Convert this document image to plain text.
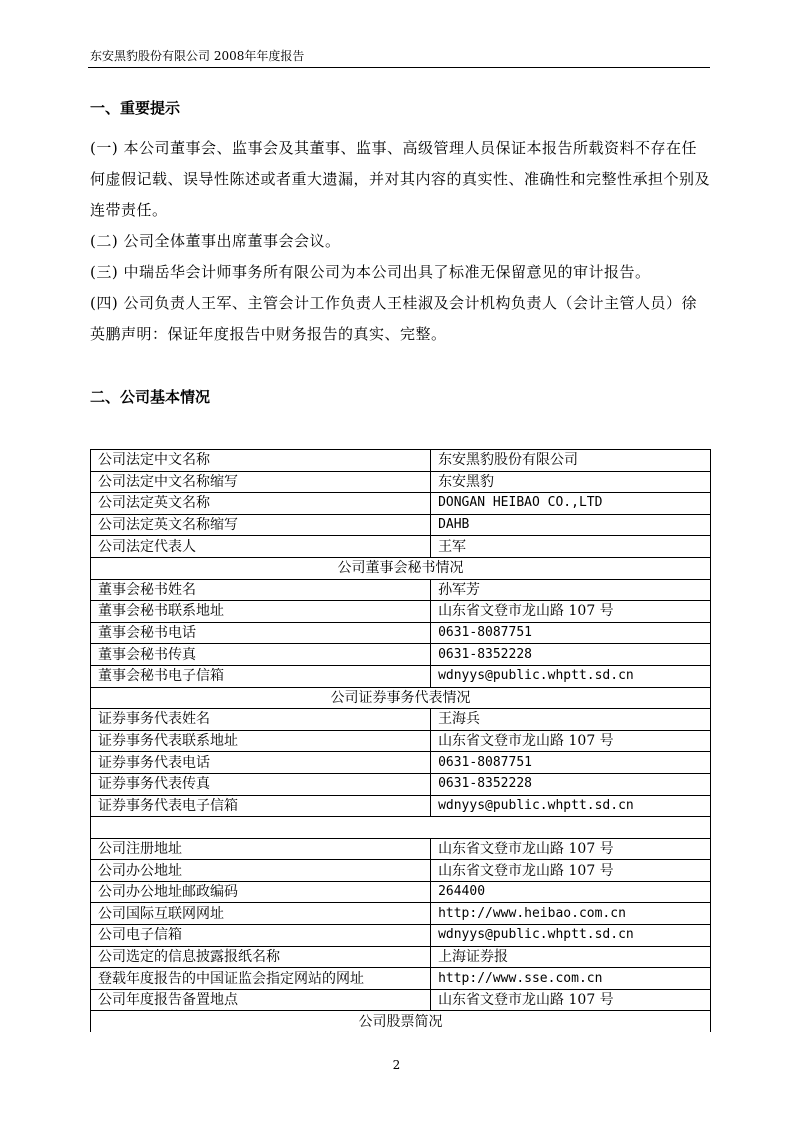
东安黑豹股份有限公司 2008年年度报告
一、重要提示

(一) 本公司董事会、监事会及其董事、监事、高级管理人员保证本报告所载资料不存在任何虚假记载、误导性陈述或者重大遗漏，并对其内容的真实性、准确性和完整性承担个别及连带责任。

(二) 公司全体董事出席董事会会议。

(三) 中瑞岳华会计师事务所有限公司为本公司出具了标准无保留意见的审计报告。

(四) 公司负责人王军、主管会计工作负责人王桂淑及会计机构负责人（会计主管人员）徐英鹏声明：保证年度报告中财务报告的真实、完整。

二、公司基本情况
公司法定中文名称	东安黑豹股份有限公司
公司法定中文名称缩写	东安黑豹
公司法定英文名称	DONGAN HEIBAO CO.,LTD
公司法定英文名称缩写	DAHB
公司法定代表人	王军
公司董事会秘书情况	
董事会秘书姓名	孙军芳
董事会秘书联系地址	山东省文登市龙山路 107 号
董事会秘书电话	0631-8087751
董事会秘书传真	0631-8352228
董事会秘书电子信箱	wdnyys@public.whptt.sd.cn
公司证券事务代表情况	
证券事务代表姓名	王海兵
证券事务代表联系地址	山东省文登市龙山路 107 号
证券事务代表电话	0631-8087751
证券事务代表传真	0631-8352228
证券事务代表电子信箱	wdnyys@public.whptt.sd.cn

公司注册地址	山东省文登市龙山路 107 号
公司办公地址	山东省文登市龙山路 107 号
公司办公地址邮政编码	264400
公司国际互联网网址	http://www.heibao.com.cn
公司电子信箱	wdnyys@public.whptt.sd.cn
公司选定的信息披露报纸名称	上海证券报
登载年度报告的中国证监会指定网站的网址	http://www.sse.com.cn
公司年度报告备置地点	山东省文登市龙山路 107 号
公司股票简况	
2
